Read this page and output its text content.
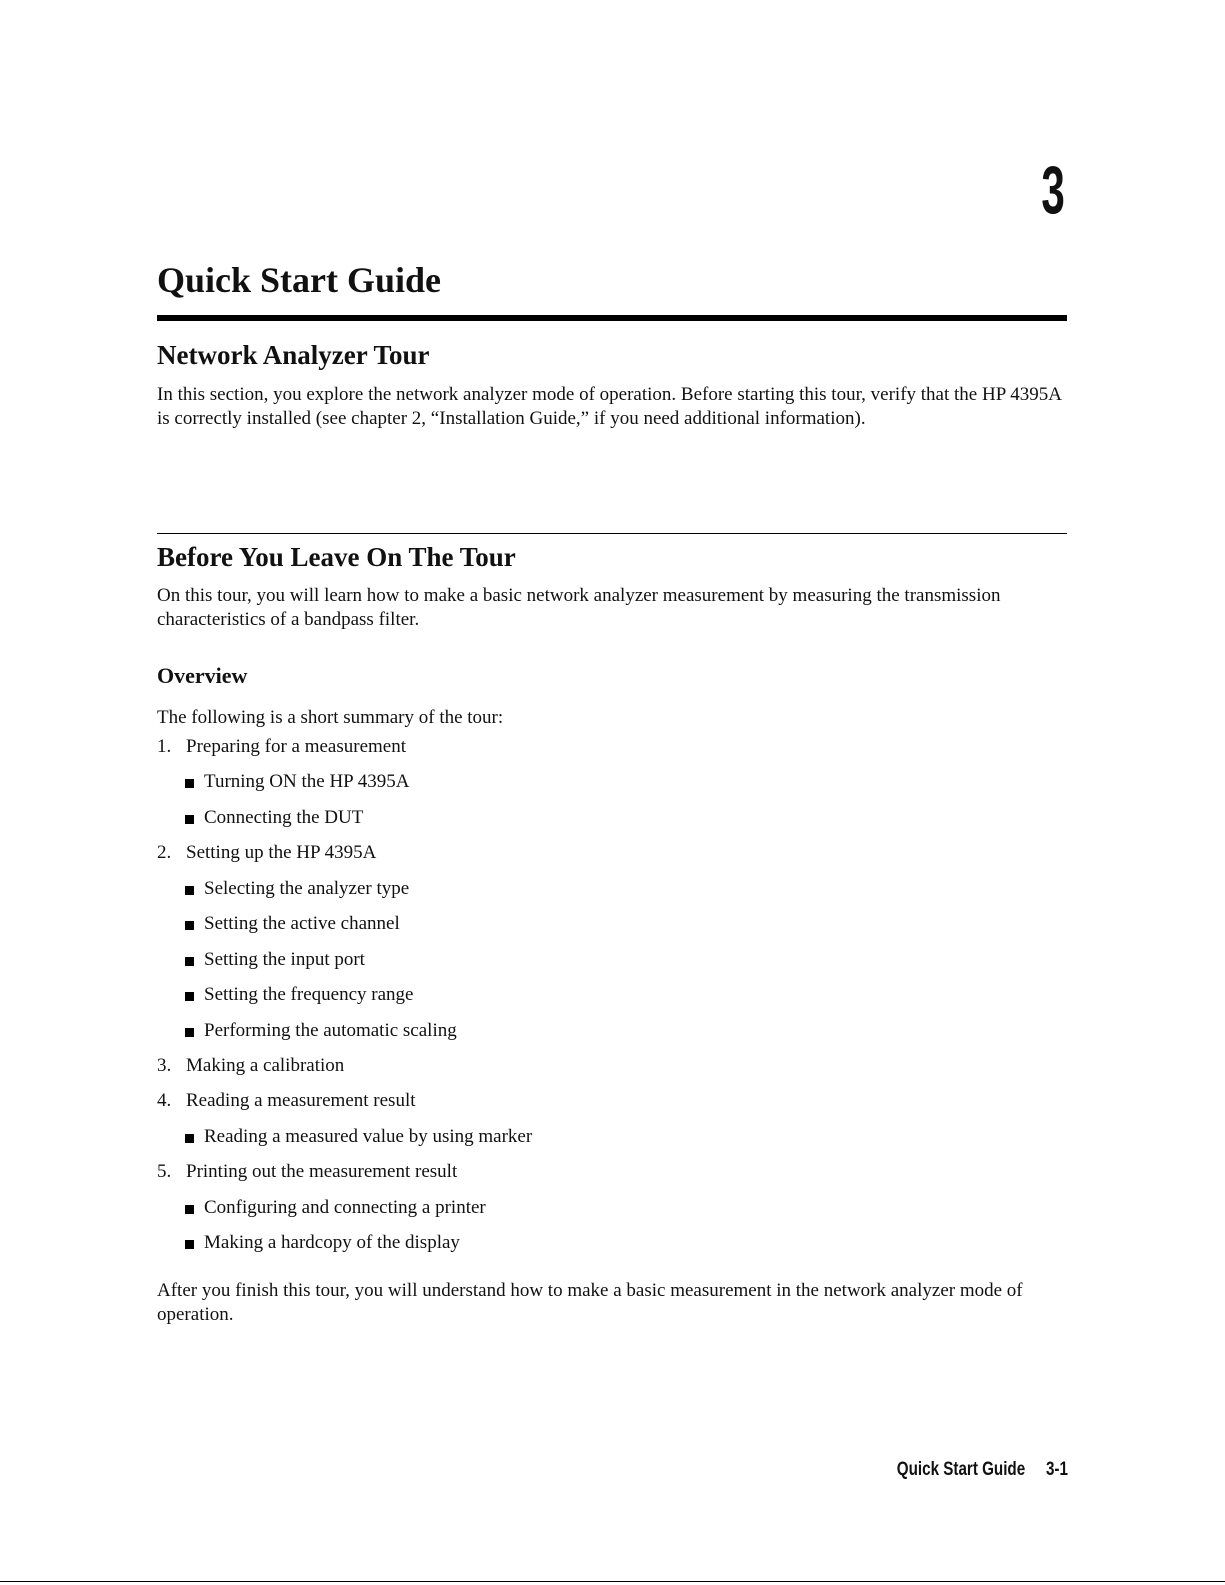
3
Quick Start Guide
Network Analyzer Tour

In this section, you explore the network analyzer mode of operation. Before starting this tour, verify that the HP 4395A is correctly installed (see chapter 2, “Installation Guide,” if you need additional information).

Before You Leave On The Tour

On this tour, you will learn how to make a basic network analyzer measurement by measuring the transmission characteristics of a bandpass filter.

Overview

The following is a short summary of the tour:

1. Preparing for a measurement
Turning ON the HP 4395A
Connecting the DUT
2. Setting up the HP 4395A
Selecting the analyzer type
Setting the active channel
Setting the input port
Setting the frequency range
Performing the automatic scaling
3. Making a calibration
4. Reading a measurement result
Reading a measured value by using marker
5. Printing out the measurement result
Configuring and connecting a printer
Making a hardcopy of the display

After you finish this tour, you will understand how to make a basic measurement in the network analyzer mode of operation.

Quick Start Guide 3-1
